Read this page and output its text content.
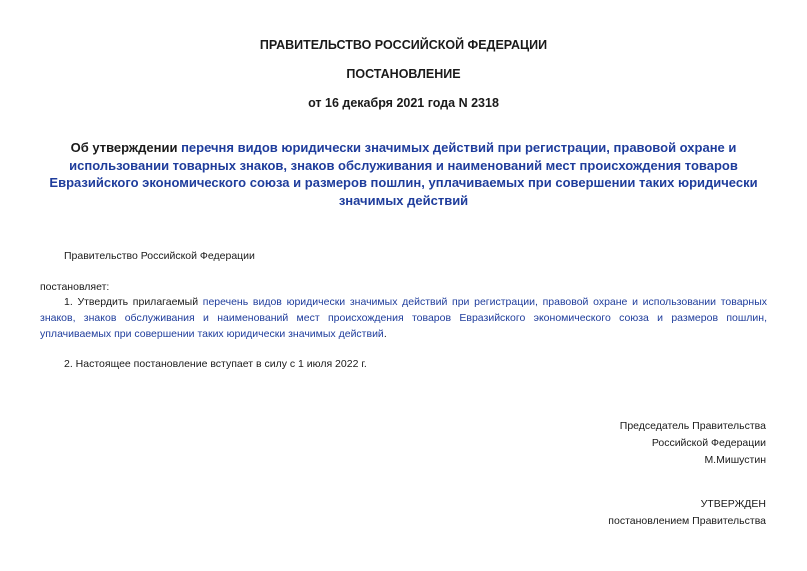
ПРАВИТЕЛЬСТВО РОССИЙСКОЙ ФЕДЕРАЦИИ
ПОСТАНОВЛЕНИЕ
от 16 декабря 2021 года N 2318
Об утверждении перечня видов юридически значимых действий при регистрации, правовой охране и использовании товарных знаков, знаков обслуживания и наименований мест происхождения товаров Евразийского экономического союза и размеров пошлин, уплачиваемых при совершении таких юридически значимых действий
Правительство Российской Федерации
постановляет:
1. Утвердить прилагаемый перечень видов юридически значимых действий при регистрации, правовой охране и использовании товарных знаков, знаков обслуживания и наименований мест происхождения товаров Евразийского экономического союза и размеров пошлин, уплачиваемых при совершении таких юридически значимых действий.
2. Настоящее постановление вступает в силу с 1 июля 2022 г.
Председатель Правительства
Российской Федерации
М.Мишустин
УТВЕРЖДЕН
постановлением Правительства
